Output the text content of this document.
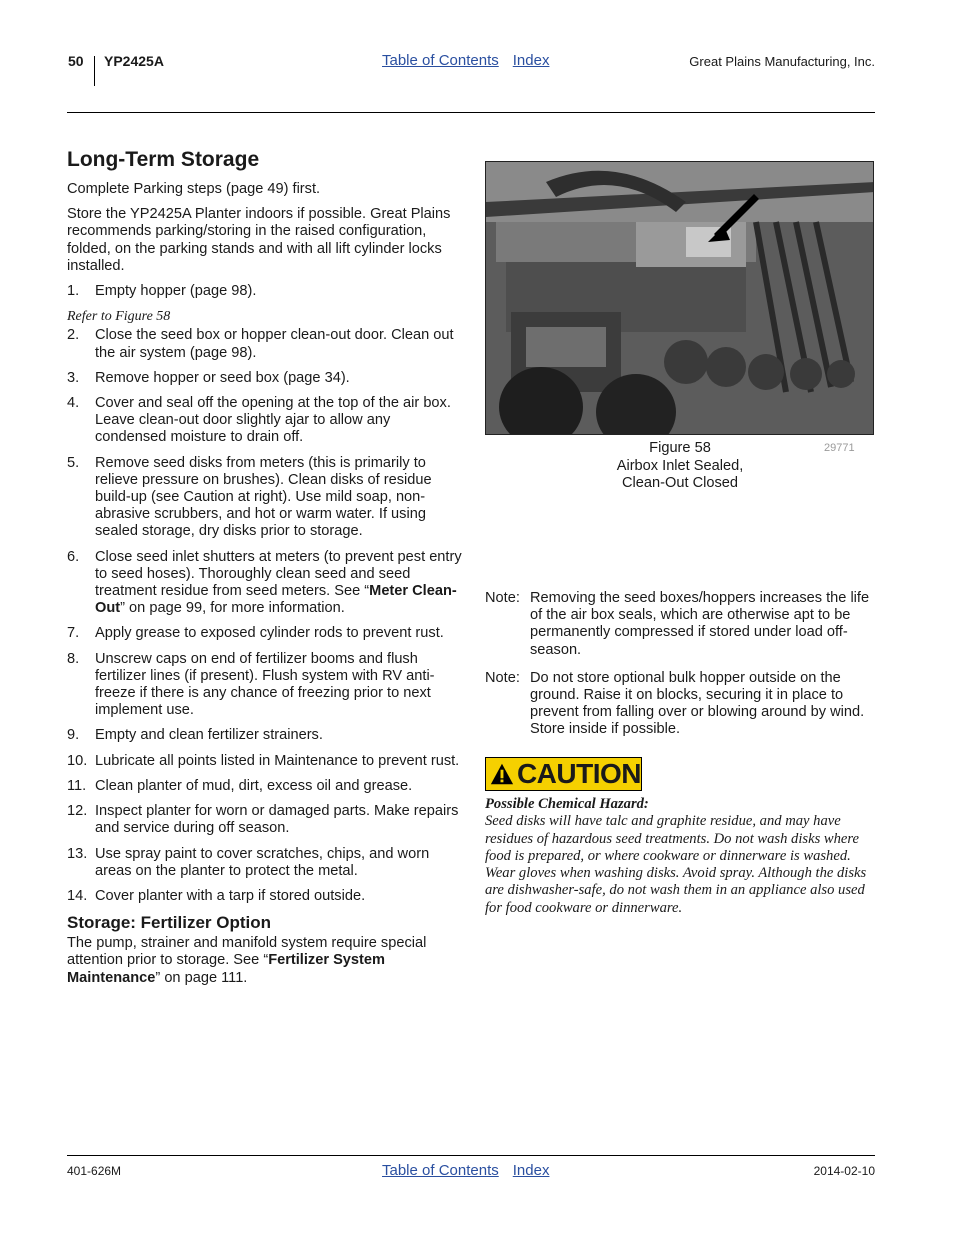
50 YP2425A	Table of Contents Index	Great Plains Manufacturing, Inc.
Long-Term Storage

Complete Parking steps (page 49) first.

Store the YP2425A Planter indoors if possible. Great Plains recommends parking/storing in the raised configuration, folded, on the parking stands and with all lift cylinder locks installed.

1. Empty hopper (page 98).
Refer to Figure 58
2. Close the seed box or hopper clean-out door. Clean out the air system (page 98).
3. Remove hopper or seed box (page 34).
4. Cover and seal off the opening at the top of the air box. Leave clean-out door slightly ajar to allow any condensed moisture to drain off.
5. Remove seed disks from meters (this is primarily to relieve pressure on brushes). Clean disks of residue build-up (see Caution at right). Use mild soap, non-abrasive scrubbers, and hot or warm water. If using sealed storage, dry disks prior to storage.
6. Close seed inlet shutters at meters (to prevent pest entry to seed hoses). Thoroughly clean seed and seed treatment residue from seed meters. See “Meter Clean-Out” on page 99, for more information.
7. Apply grease to exposed cylinder rods to prevent rust.
8. Unscrew caps on end of fertilizer booms and flush fertilizer lines (if present). Flush system with RV anti-freeze if there is any chance of freezing prior to next implement use.
9. Empty and clean fertilizer strainers.
10. Lubricate all points listed in Maintenance to prevent rust.
11. Clean planter of mud, dirt, excess oil and grease.
12. Inspect planter for worn or damaged parts. Make repairs and service during off season.
13. Use spray paint to cover scratches, chips, and worn areas on the planter to protect the metal.
14. Cover planter with a tarp if stored outside.
Storage: Fertilizer Option

The pump, strainer and manifold system require special attention prior to storage. See “Fertilizer System Maintenance” on page 111.

Figure 58
Airbox Inlet Sealed,
Clean-Out Closed
29771
Note: Removing the seed boxes/hoppers increases the life of the air box seals, which are otherwise apt to be permanently compressed if stored under load off-season.
Note: Do not store optional bulk hopper outside on the ground. Raise it on blocks, securing it in place to prevent from falling over or blowing around by wind. Store inside if possible.
CAUTION
Possible Chemical Hazard:
Seed disks will have talc and graphite residue, and may have residues of hazardous seed treatments. Do not wash disks where food is prepared, or where cookware or dinnerware is washed. Wear gloves when washing disks. Avoid spray. Although the disks are dishwasher-safe, do not wash them in an appliance also used for food cookware or dinnerware.
401-626M	Table of Contents Index	2014-02-10
